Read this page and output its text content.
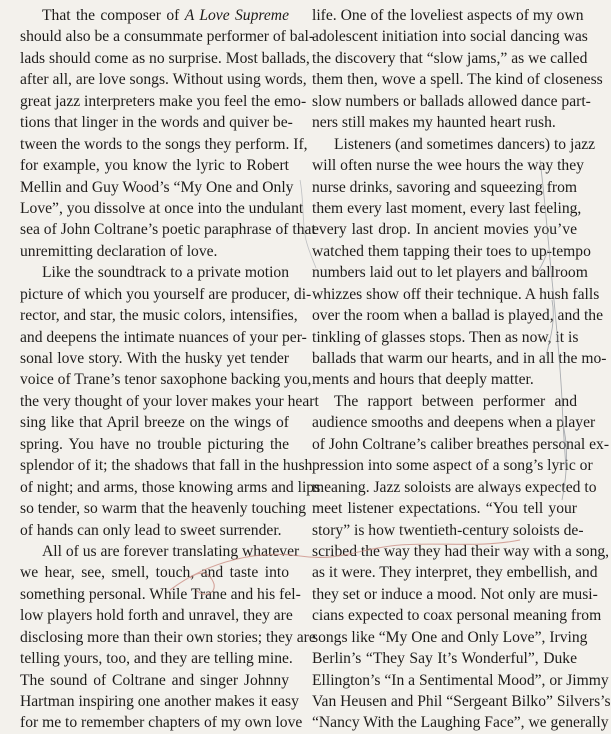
That the composer of A Love Supreme
should also be a consummate performer of bal-
lads should come as no surprise. Most ballads,
after all, are love songs. Without using words,
great jazz interpreters make you feel the emo-
tions that linger in the words and quiver be-
tween the words to the songs they perform. If,
for example, you know the lyric to Robert
Mellin and Guy Wood’s “My One and Only
Love”, you dissolve at once into the undulant
sea of John Coltrane’s poetic paraphrase of that
unremitting declaration of love.
Like the soundtrack to a private motion
picture of which you yourself are producer, di-
rector, and star, the music colors, intensifies,
and deepens the intimate nuances of your per-
sonal love story. With the husky yet tender
voice of Trane’s tenor saxophone backing you,
the very thought of your lover makes your heart
sing like that April breeze on the wings of
spring. You have no trouble picturing the
splendor of it; the shadows that fall in the hush
of night; and arms, those knowing arms and lips
so tender, so warm that the heavenly touching
of hands can only lead to sweet surrender.
All of us are forever translating whatever
we hear, see, smell, touch, and taste into
something personal. While Trane and his fel-
low players hold forth and unravel, they are
disclosing more than their own stories; they are
telling yours, too, and they are telling mine.
The sound of Coltrane and singer Johnny
Hartman inspiring one another makes it easy
for me to remember chapters of my own love
life. One of the loveliest aspects of my own
adolescent initiation into social dancing was
the discovery that “slow jams,” as we called
them then, wove a spell. The kind of closeness
slow numbers or ballads allowed dance part-
ners still makes my haunted heart rush.
Listeners (and sometimes dancers) to jazz
will often nurse the wee hours the way they
nurse drinks, savoring and squeezing from
them every last moment, every last feeling,
every last drop. In ancient movies you’ve
watched them tapping their toes to up-tempo
numbers laid out to let players and ballroom
whizzes show off their technique. A hush falls
over the room when a ballad is played, and the
tinkling of glasses stops. Then as now, it is
ballads that warm our hearts, and in all the mo-
ments and hours that deeply matter.
The rapport between performer and
audience smooths and deepens when a player
of John Coltrane’s caliber breathes personal ex-
pression into some aspect of a song’s lyric or
meaning. Jazz soloists are always expected to
meet listener expectations. “You tell your
story” is how twentieth-century soloists de-
scribed the way they had their way with a song,
as it were. They interpret, they embellish, and
they set or induce a mood. Not only are musi-
cians expected to coax personal meaning from
songs like “My One and Only Love”, Irving
Berlin’s “They Say It’s Wonderful”, Duke
Ellington’s “In a Sentimental Mood”, or Jimmy
Van Heusen and Phil “Sergeant Bilko” Silvers’s
“Nancy With the Laughing Face”, we generally
